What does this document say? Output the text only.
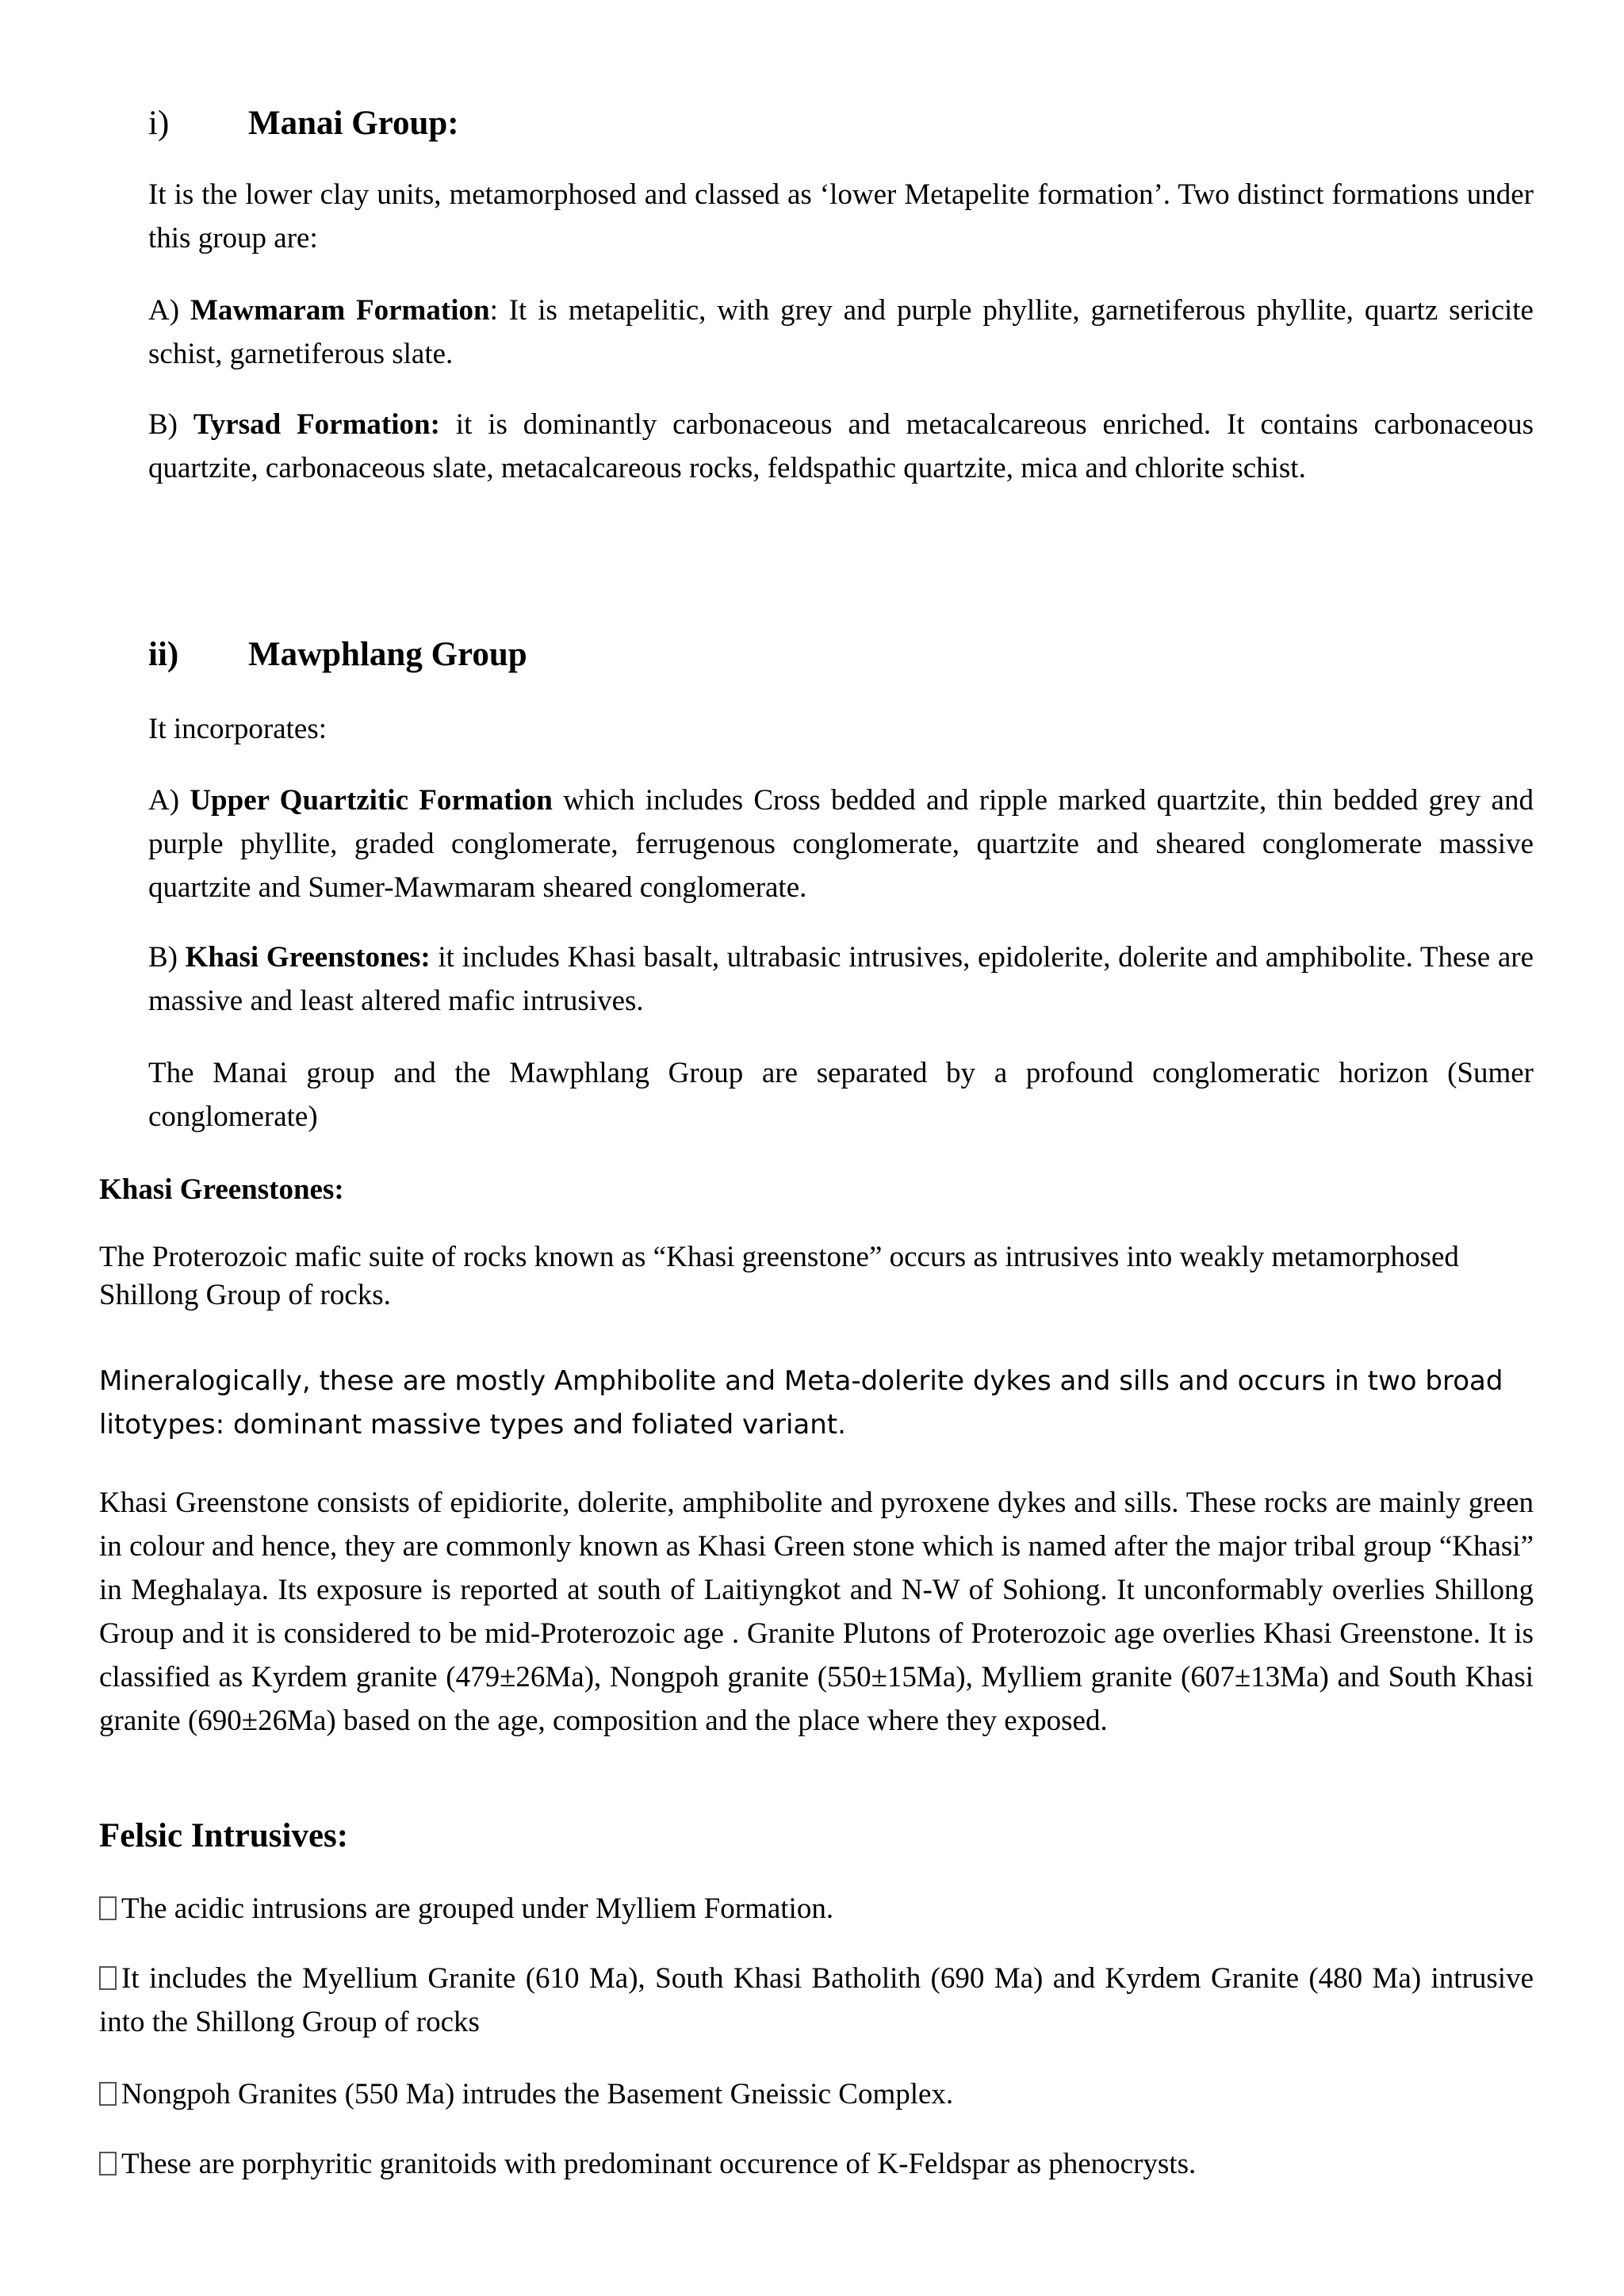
i) Manai Group:
It is the lower clay units, metamorphosed and classed as ‘lower Metapelite formation’. Two distinct formations under this group are:
A) Mawmaram Formation: It is metapelitic, with grey and purple phyllite, garnetiferous phyllite, quartz sericite schist, garnetiferous slate.
B) Tyrsad Formation: it is dominantly carbonaceous and metacalcareous enriched. It contains carbonaceous quartzite, carbonaceous slate, metacalcareous rocks, feldspathic quartzite, mica and chlorite schist.
ii) Mawphlang Group
It incorporates:
A) Upper Quartzitic Formation which includes Cross bedded and ripple marked quartzite, thin bedded grey and purple phyllite, graded conglomerate, ferrugenous conglomerate, quartzite and sheared conglomerate massive quartzite and Sumer-Mawmaram sheared conglomerate.
B) Khasi Greenstones: it includes Khasi basalt, ultrabasic intrusives, epidolerite, dolerite and amphibolite. These are massive and least altered mafic intrusives.
The Manai group and the Mawphlang Group are separated by a profound conglomeratic horizon (Sumer conglomerate)
Khasi Greenstones:
The Proterozoic mafic suite of rocks known as “Khasi greenstone” occurs as intrusives into weakly metamorphosed Shillong Group of rocks.
Mineralogically, these are mostly Amphibolite and Meta-dolerite dykes and sills and occurs in two broad litotypes: dominant massive types and foliated variant.
Khasi Greenstone consists of epidiorite, dolerite, amphibolite and pyroxene dykes and sills. These rocks are mainly green in colour and hence, they are commonly known as Khasi Green stone which is named after the major tribal group “Khasi” in Meghalaya. Its exposure is reported at south of Laitiyngkot and N-W of Sohiong. It unconformably overlies Shillong Group and it is considered to be mid-Proterozoic age . Granite Plutons of Proterozoic age overlies Khasi Greenstone. It is classified as Kyrdem granite (479±26Ma), Nongpoh granite (550±15Ma), Mylliem granite (607±13Ma) and South Khasi granite (690±26Ma) based on the age, composition and the place where they exposed.
Felsic Intrusives:
The acidic intrusions are grouped under Mylliem Formation.
It includes the Myellium Granite (610 Ma), South Khasi Batholith (690 Ma) and Kyrdem Granite (480 Ma) intrusive into the Shillong Group of rocks
Nongpoh Granites (550 Ma) intrudes the Basement Gneissic Complex.
These are porphyritic granitoids with predominant occurence of K-Feldspar as phenocrysts.
